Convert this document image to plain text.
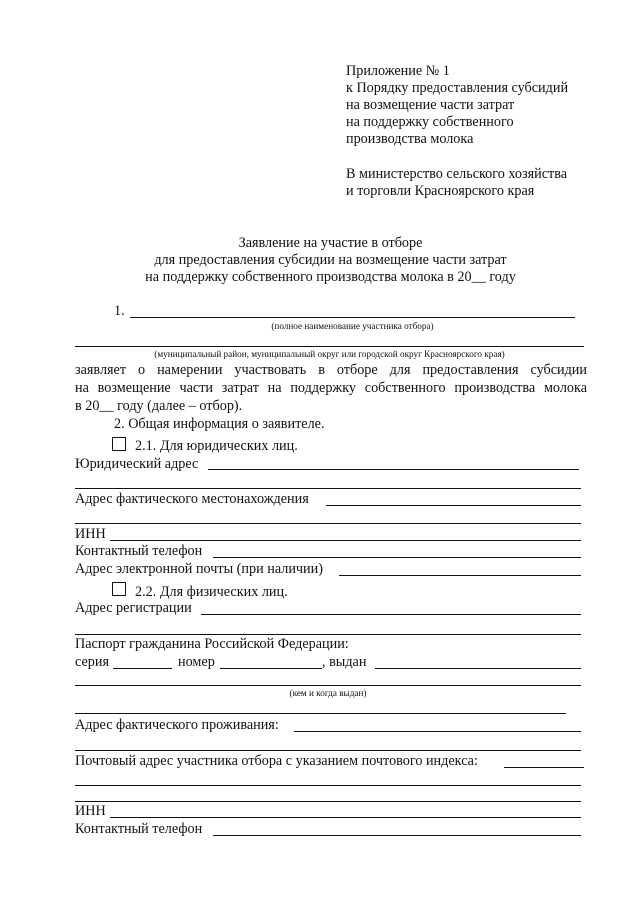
Приложение № 1
к Порядку предоставления субсидий
на возмещение части затрат
на поддержку собственного
производства молока
В министерство сельского хозяйства
и торговли Красноярского края
Заявление на участие в отборе
для предоставления субсидии на возмещение части затрат
на поддержку собственного производства молока в 20__ году
1.
(полное наименование участника отбора)
(муниципальный район, муниципальный округ или городской округ Красноярского края)
заявляет о намерении участвовать в отборе для предоставления субсидии
на возмещение части затрат на поддержку собственного производства молока
в 20__ году (далее – отбор).
2. Общая информация о заявителе.
2.1. Для юридических лиц.
Юридический адрес
Адрес фактического местонахождения
ИНН
Контактный телефон
Адрес электронной почты (при наличии)
2.2. Для физических лиц.
Адрес регистрации
Паспорт гражданина Российской Федерации:
серия	номер	, выдан
(кем и когда выдан)
Адрес фактического проживания:
Почтовый адрес участника отбора с указанием почтового индекса:
ИНН
Контактный телефон
